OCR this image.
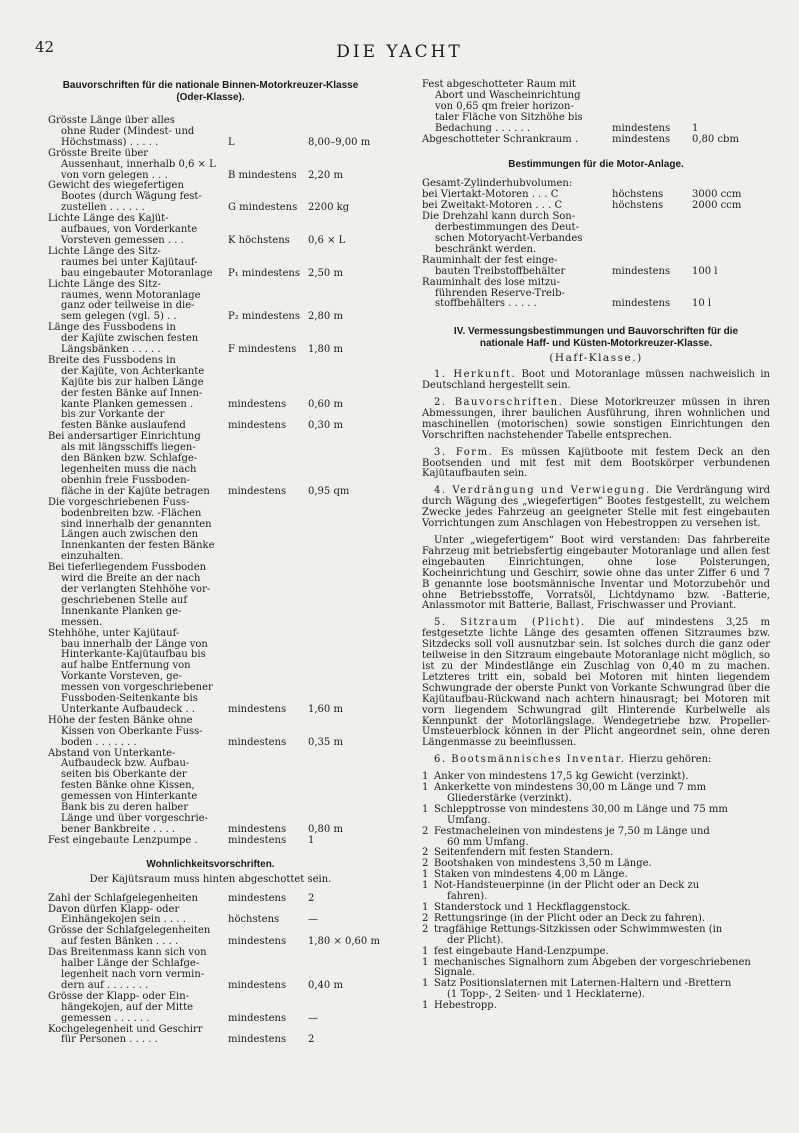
42	DIE YACHT

Bauvorschriften für die nationale Binnen-Motorkreuzer-Klasse

(Oder-Klasse).

Grösste Länge über alles
ohne Ruder (Mindest- und
Höchstmass) . . . . .	L	8,00–9,00 m
Grösste Breite über
Aussenhaut, innerhalb 0,6 × L
von vorn gelegen . . .	B mindestens 2,20 m
Gewicht des wiegefertigen
Bootes (durch Wägung fest-
zustellen . . . . . .	G mindestens 2200 kg
Lichte Länge des Kajüt-
aufbaues, von Vorderkante
Vorsteven gemessen . . .	K höchstens 0,6 × L
Lichte Länge des Sitz-
raumes bei unter Kajütauf-
bau eingebauter Motoranlage	P₁ mindestens 2,50 m
Lichte Länge des Sitz-
raumes, wenn Motoranlage
ganz oder teilweise in die-
sem gelegen (vgl. 5) . .	P₂ mindestens 2,80 m
Länge des Fussbodens in
der Kajüte zwischen festen
Längsbänken . . . . .	F mindestens 1,80 m
Breite des Fussbodens in
der Kajüte, von Achterkante
Kajüte bis zur halben Länge
der festen Bänke auf Innen-
kante Planken gemessen .	mindestens 0,60 m
bis zur Vorkante der
festen Bänke auslaufend	mindestens 0,30 m
Bei andersartiger Einrichtung
als mit längsschiffs liegen-
den Bänken bzw. Schlafge-
legenheiten muss die nach
obenhin freie Fussboden-
fläche in der Kajüte betragen	mindestens 0,95 qm
Die vorgeschriebenen Fuss-
bodenbreiten bzw. -Flächen
sind innerhalb der genannten
Längen auch zwischen den
Innenkanten der festen Bänke
einzuhalten.
Bei tieferliegendem Fussboden
wird die Breite an der nach
der verlangten Stehhöhe vor-
geschriebenen Stelle auf
Innenkante Planken ge-
messen.
Stehhöhe, unter Kajütauf-
bau innerhalb der Länge von
Hinterkante-Kajütaufbau bis
auf halbe Entfernung von
Vorkante Vorsteven, ge-
messen von vorgeschriebener
Fussboden-Seitenkante bis
Unterkante Aufbaudeck . .	mindestens 1,60 m
Höhe der festen Bänke ohne
Kissen von Oberkante Fuss-
boden . . . . . . .	mindestens 0,35 m
Abstand von Unterkante-
Aufbaudeck bzw. Aufbau-
seiten bis Oberkante der
festen Bänke ohne Kissen,
gemessen von Hinterkante
Bank bis zu deren halber
Länge und über vorgeschrie-
bener Bankbreite . . . .	mindestens 0,80 m
Fest eingebaute Lenzpumpe .	mindestens 1

Wohnlichkeitsvorschriften.

Der Kajütsraum muss hinten abgeschottet sein.

Zahl der Schlafgelegenheiten	mindestens 2
Davon dürfen Klapp- oder
Einhängekojen sein . . . .	höchstens	—
Grösse der Schlafgelegenheiten
auf festen Bänken . . . .	mindestens 1,80 × 0,60 m
Das Breitenmass kann sich von
halber Länge der Schlafge-
legenheit nach vorn vermin-
dern auf . . . . . . .	mindestens 0,40 m
Grösse der Klapp- oder Ein-
hängekojen, auf der Mitte
gemessen . . . . . .	mindestens —
Kochgelegenheit und Geschirr
für Personen . . . . .	mindestens 2
Fest abgeschotteter Raum mit
Abort und Wascheinrichtung
von 0,65 qm freier horizon-
taler Fläche von Sitzhöhe bis
Bedachung . . . . . .	mindestens 1
Abgeschotteter Schrankraum .	mindestens 0,80 cbm

Bestimmungen für die Motor-Anlage.

Gesamt-Zylinderhubvolumen:
bei Viertakt-Motoren . . . C	höchstens	3000 ccm
bei Zweitakt-Motoren . . . C	höchstens	2000 ccm
Die Drehzahl kann durch Son-
derbestimmungen des Deut-
schen Motoryacht-Verbandes
beschränkt werden.
Rauminhalt der fest einge-
bauten Treibstoffbehälter	mindestens 100 l
Rauminhalt des lose mitzu-
führenden Reserve-Treib-
stoffbehälters . . . . .	mindestens 10 l

IV. Vermessungsbestimmungen und Bauvorschriften für die

nationale Haff- und Küsten-Motorkreuzer-Klasse.

(Haff-Klasse.)

1. Herkunft. Boot und Motoranlage müssen nachweislich in Deutschland hergestellt sein.

2. Bauvorschriften. Diese Motorkreuzer müssen in ihren Abmessungen, ihrer baulichen Ausführung, ihren wohnlichen und maschinellen (motorischen) sowie sonstigen Einrichtungen den Vorschriften nachstehender Tabelle entsprechen.

3. Form. Es müssen Kajütboote mit festem Deck an den Bootsenden und mit fest mit dem Bootskörper verbundenen Kajütaufbauten sein.

4. Verdrängung und Verwiegung. Die Verdrängung wird durch Wägung des „wiegefertigen“ Bootes festgestellt, zu welchem Zwecke jedes Fahrzeug an geeigneter Stelle mit fest eingebauten Vorrichtungen zum Anschlagen von Hebestroppen zu versehen ist.

Unter „wiegefertigem“ Boot wird verstanden: Das fahrbereite Fahrzeug mit betriebsfertig eingebauter Motoranlage und allen fest eingebauten Einrichtungen, ohne lose Polsterungen, Kocheinrichtung und Geschirr, sowie ohne das unter Ziffer 6 und 7 B genannte lose bootsmännische Inventar und Motorzubehör und ohne Betriebsstoffe, Vorratsöl, Lichtdynamo bzw. -Batterie, Anlassmotor mit Batterie, Ballast, Frischwasser und Proviant.

5. Sitzraum (Plicht). Die auf mindestens 3,25 m festgesetzte lichte Länge des gesamten offenen Sitzraumes bzw. Sitzdecks soll voll ausnutzbar sein. Ist solches durch die ganz oder teilweise in den Sitzraum eingebaute Motoranlage nicht möglich, so ist zu der Mindestlänge ein Zuschlag von 0,40 m zu machen. Letzteres tritt ein, sobald bei Motoren mit hinten liegendem Schwungrade der oberste Punkt von Vorkante Schwungrad über die Kajütaufbau-Rückwand nach achtern hinausragt; bei Motoren mit vorn liegendem Schwungrad gilt Hinterende Kurbelwelle als Kennpunkt der Motorlängslage. Wendegetriebe bzw. Propeller-Umsteuerblock können in der Plicht angeordnet sein, ohne deren Längenmasse zu beeinflussen.

6. Bootsmännisches Inventar. Hierzu gehören:

1 Anker von mindestens 17,5 kg Gewicht (verzinkt).
1 Ankerkette von mindestens 30,00 m Länge und 7 mm
Gliederstärke (verzinkt).
1 Schlepptrosse von mindestens 30,00 m Länge und 75 mm
Umfang.
2 Festmacheleinen von mindestens je 7,50 m Länge und
60 mm Umfang.
2 Seitenfendern mit festen Standern.
2 Bootshaken von mindestens 3,50 m Länge.
1 Staken von mindestens 4,00 m Länge.
1 Not-Handsteuerpinne (in der Plicht oder an Deck zu
fahren).
1 Standerstock und 1 Heckflaggenstock.
2 Rettungsringe (in der Plicht oder an Deck zu fahren).
2 tragfähige Rettungs-Sitzkissen oder Schwimmwesten (in
der Plicht).
1 fest eingebaute Hand-Lenzpumpe.
1 mechanisches Signalhorn zum Abgeben der vorgeschriebenen Signale.
1 Satz Positionslaternen mit Laternen-Haltern und -Brettern
(1 Topp-, 2 Seiten- und 1 Hecklaterne).
1 Hebestropp.
